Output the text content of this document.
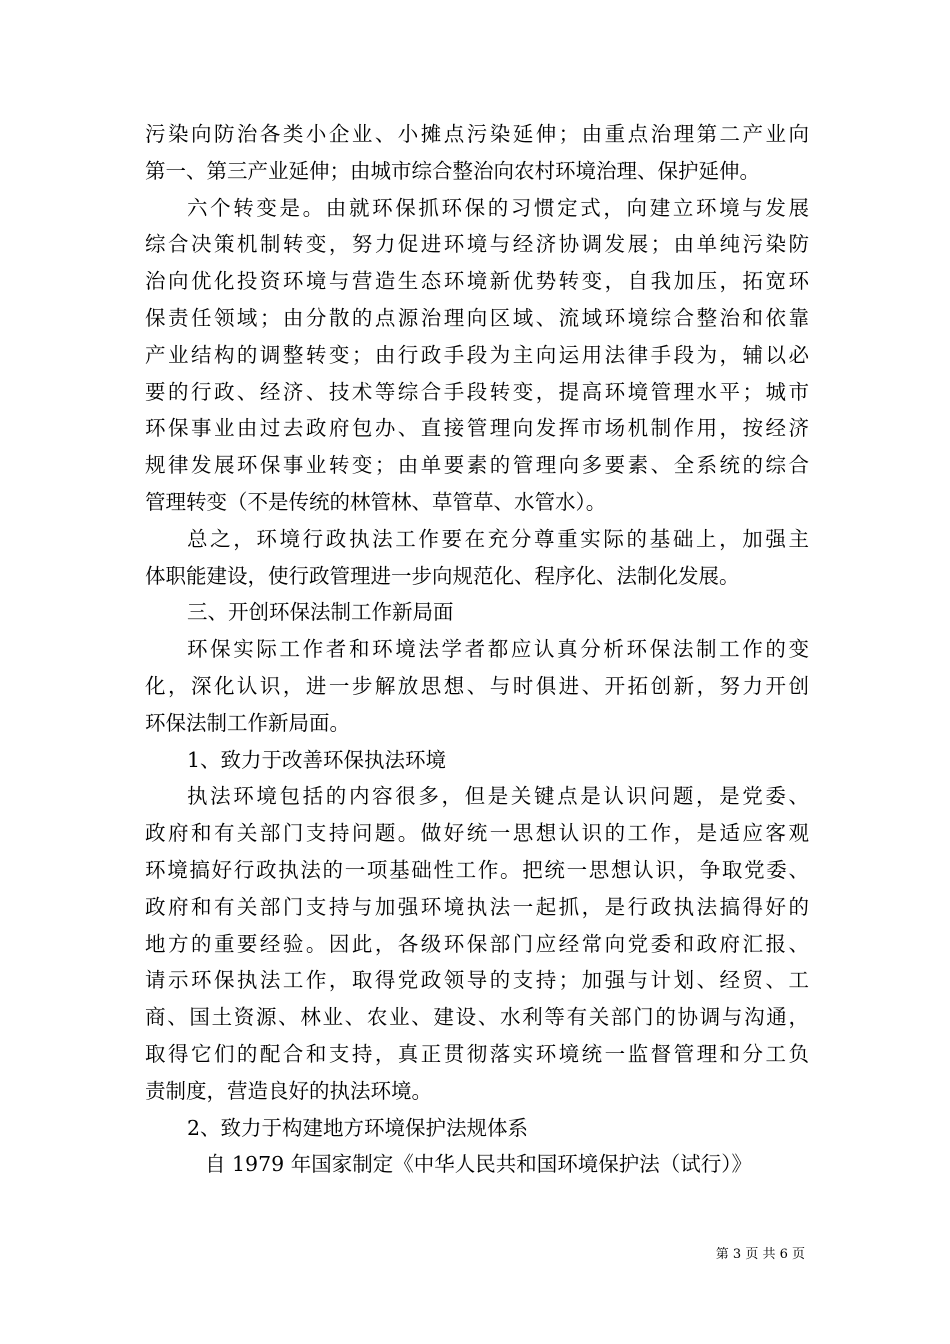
污染向防治各类小企业、小摊点污染延伸；由重点治理第二产业向
第一、第三产业延伸；由城市综合整治向农村环境治理、保护延伸。
六个转变是。由就环保抓环保的习惯定式，向建立环境与发展
综合决策机制转变，努力促进环境与经济协调发展；由单纯污染防
治向优化投资环境与营造生态环境新优势转变，自我加压，拓宽环
保责任领域；由分散的点源治理向区域、流域环境综合整治和依靠
产业结构的调整转变；由行政手段为主向运用法律手段为，辅以必
要的行政、经济、技术等综合手段转变，提高环境管理水平；城市
环保事业由过去政府包办、直接管理向发挥市场机制作用，按经济
规律发展环保事业转变；由单要素的管理向多要素、全系统的综合
管理转变（不是传统的林管林、草管草、水管水）。
总之，环境行政执法工作要在充分尊重实际的基础上，加强主
体职能建设，使行政管理进一步向规范化、程序化、法制化发展。
三、开创环保法制工作新局面
环保实际工作者和环境法学者都应认真分析环保法制工作的变
化，深化认识，进一步解放思想、与时俱进、开拓创新，努力开创
环保法制工作新局面。
1、致力于改善环保执法环境
执法环境包括的内容很多，但是关键点是认识问题，是党委、
政府和有关部门支持问题。做好统一思想认识的工作，是适应客观
环境搞好行政执法的一项基础性工作。把统一思想认识，争取党委、
政府和有关部门支持与加强环境执法一起抓，是行政执法搞得好的
地方的重要经验。因此，各级环保部门应经常向党委和政府汇报、
请示环保执法工作，取得党政领导的支持；加强与计划、经贸、工
商、国土资源、林业、农业、建设、水利等有关部门的协调与沟通，
取得它们的配合和支持，真正贯彻落实环境统一监督管理和分工负
责制度，营造良好的执法环境。
2、致力于构建地方环境保护法规体系
自 1979 年国家制定《中华人民共和国环境保护法（试行）》
第 3 页 共 6 页
